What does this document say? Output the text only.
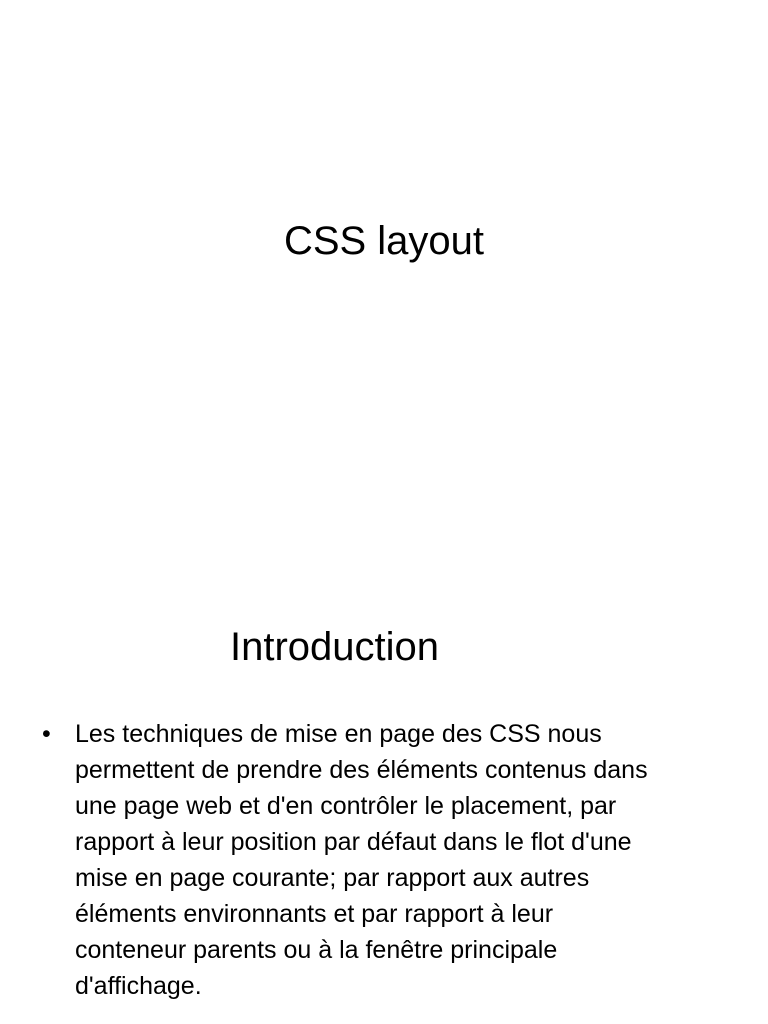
CSS layout
Introduction
• Les techniques de mise en page des CSS nous
permettent de prendre des éléments contenus dans
une page web et d'en contrôler le placement, par
rapport à leur position par défaut dans le flot d'une
mise en page courante; par rapport aux autres
éléments environnants et par rapport à leur
conteneur parents ou à la fenêtre principale
d'affichage.
